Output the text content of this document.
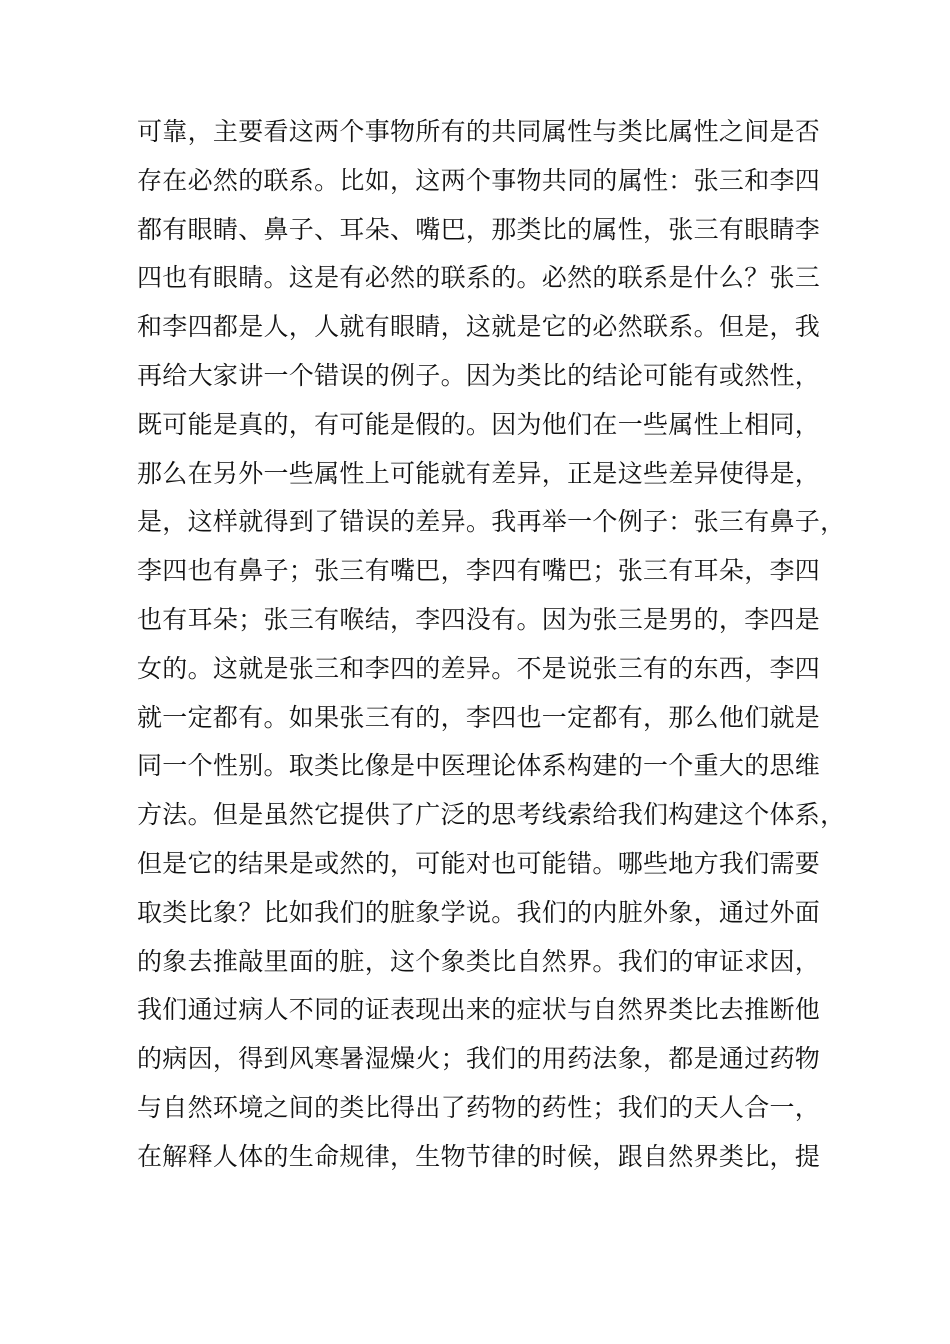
可靠，主要看这两个事物所有的共同属性与类比属性之间是否
存在必然的联系。比如，这两个事物共同的属性：张三和李四
都有眼睛、鼻子、耳朵、嘴巴，那类比的属性，张三有眼睛李
四也有眼睛。这是有必然的联系的。必然的联系是什么？张三
和李四都是人，人就有眼睛，这就是它的必然联系。但是，我
再给大家讲一个错误的例子。因为类比的结论可能有或然性，
既可能是真的，有可能是假的。因为他们在一些属性上相同，
那么在另外一些属性上可能就有差异，正是这些差异使得是，
是，这样就得到了错误的差异。我再举一个例子：张三有鼻子，
李四也有鼻子；张三有嘴巴，李四有嘴巴；张三有耳朵，李四
也有耳朵；张三有喉结，李四没有。因为张三是男的，李四是
女的。这就是张三和李四的差异。不是说张三有的东西，李四
就一定都有。如果张三有的，李四也一定都有，那么他们就是
同一个性别。取类比像是中医理论体系构建的一个重大的思维
方法。但是虽然它提供了广泛的思考线索给我们构建这个体系，
但是它的结果是或然的，可能对也可能错。哪些地方我们需要
取类比象？比如我们的脏象学说。我们的内脏外象，通过外面
的象去推敲里面的脏，这个象类比自然界。我们的审证求因，
我们通过病人不同的证表现出来的症状与自然界类比去推断他
的病因，得到风寒暑湿燥火；我们的用药法象，都是通过药物
与自然环境之间的类比得出了药物的药性；我们的天人合一，
在解释人体的生命规律，生物节律的时候，跟自然界类比，提
